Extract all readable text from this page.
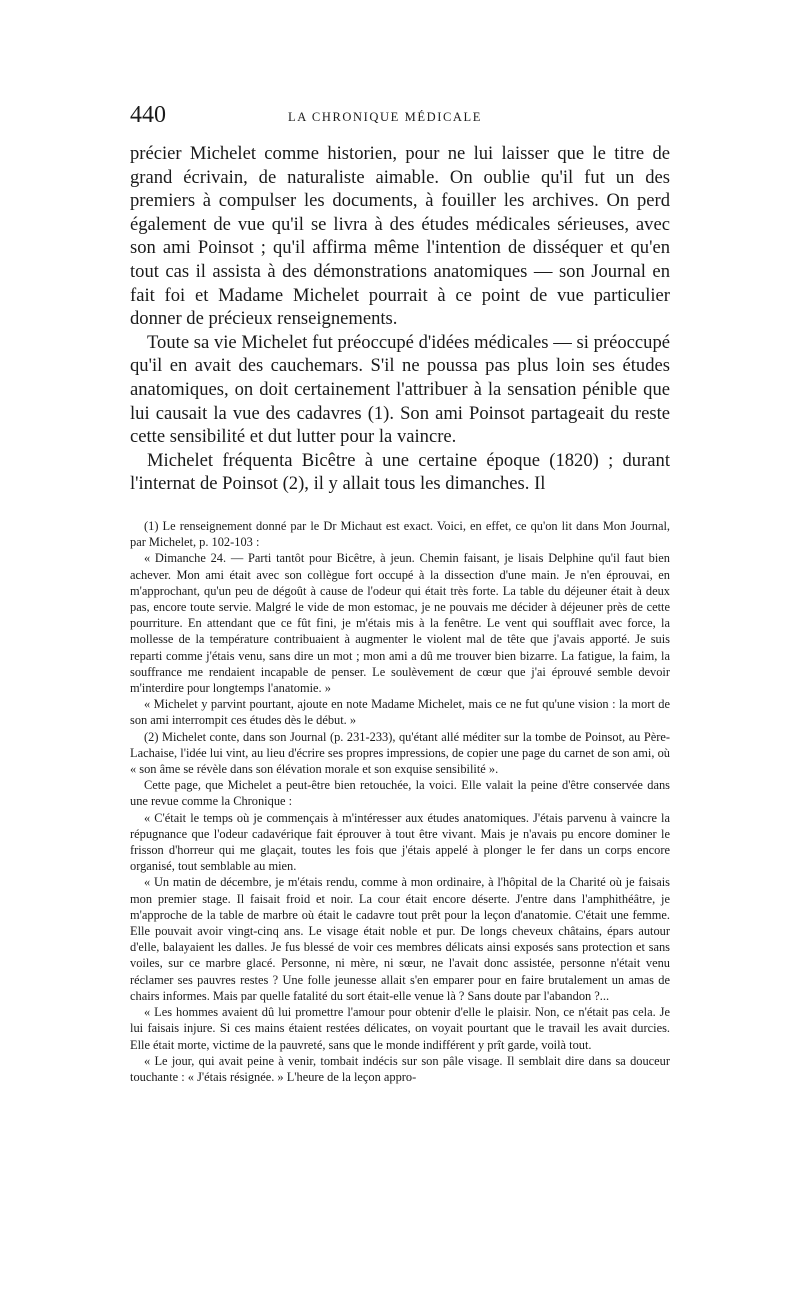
440	LA CHRONIQUE MÉDICALE

précier Michelet comme historien, pour ne lui laisser que le titre de grand écrivain, de naturaliste aimable. On oublie qu'il fut un des premiers à compulser les documents, à fouiller les archives. On perd également de vue qu'il se livra à des études médicales sérieuses, avec son ami Poinsot ; qu'il affirma même l'intention de disséquer et qu'en tout cas il assista à des démonstrations anatomiques — son Journal en fait foi et Madame Michelet pourrait à ce point de vue particulier donner de précieux renseignements.

Toute sa vie Michelet fut préoccupé d'idées médicales — si préoccupé qu'il en avait des cauchemars. S'il ne poussa pas plus loin ses études anatomiques, on doit certainement l'attribuer à la sensation pénible que lui causait la vue des cadavres (1). Son ami Poinsot partageait du reste cette sensibilité et dut lutter pour la vaincre.

Michelet fréquenta Bicêtre à une certaine époque (1820) ; durant l'internat de Poinsot (2), il y allait tous les dimanches. Il

(1) Le renseignement donné par le Dr Michaut est exact. Voici, en effet, ce qu'on lit dans Mon Journal, par Michelet, p. 102-103 :

« Dimanche 24. — Parti tantôt pour Bicêtre, à jeun. Chemin faisant, je lisais Delphine qu'il faut bien achever. Mon ami était avec son collègue fort occupé à la dissection d'une main. Je n'en éprouvai, en m'approchant, qu'un peu de dégoût à cause de l'odeur qui était très forte. La table du déjeuner était à deux pas, encore toute servie. Malgré le vide de mon estomac, je ne pouvais me décider à déjeuner près de cette pourriture. En attendant que ce fût fini, je m'étais mis à la fenêtre. Le vent qui soufflait avec force, la mollesse de la température contribuaient à augmenter le violent mal de tête que j'avais apporté. Je suis reparti comme j'étais venu, sans dire un mot ; mon ami a dû me trouver bien bizarre. La fatigue, la faim, la souffrance me rendaient incapable de penser. Le soulèvement de cœur que j'ai éprouvé semble devoir m'interdire pour longtemps l'anatomie. »

« Michelet y parvint pourtant, ajoute en note Madame Michelet, mais ce ne fut qu'une vision : la mort de son ami interrompit ces études dès le début. »

(2) Michelet conte, dans son Journal (p. 231-233), qu'étant allé méditer sur la tombe de Poinsot, au Père-Lachaise, l'idée lui vint, au lieu d'écrire ses propres impressions, de copier une page du carnet de son ami, où « son âme se révèle dans son élévation morale et son exquise sensibilité ».

Cette page, que Michelet a peut-être bien retouchée, la voici. Elle valait la peine d'être conservée dans une revue comme la Chronique :

« C'était le temps où je commençais à m'intéresser aux études anatomiques. J'étais parvenu à vaincre la répugnance que l'odeur cadavérique fait éprouver à tout être vivant. Mais je n'avais pu encore dominer le frisson d'horreur qui me glaçait, toutes les fois que j'étais appelé à plonger le fer dans un corps encore organisé, tout semblable au mien.

« Un matin de décembre, je m'étais rendu, comme à mon ordinaire, à l'hôpital de la Charité où je faisais mon premier stage. Il faisait froid et noir. La cour était encore déserte. J'entre dans l'amphithéâtre, je m'approche de la table de marbre où était le cadavre tout prêt pour la leçon d'anatomie. C'était une femme. Elle pouvait avoir vingt-cinq ans. Le visage était noble et pur. De longs cheveux châtains, épars autour d'elle, balayaient les dalles. Je fus blessé de voir ces membres délicats ainsi exposés sans protection et sans voiles, sur ce marbre glacé. Personne, ni mère, ni sœur, ne l'avait donc assistée, personne n'était venu réclamer ses pauvres restes ? Une folle jeunesse allait s'en emparer pour en faire brutalement un amas de chairs informes. Mais par quelle fatalité du sort était-elle venue là ? Sans doute par l'abandon ?...

« Les hommes avaient dû lui promettre l'amour pour obtenir d'elle le plaisir. Non, ce n'était pas cela. Je lui faisais injure. Si ces mains étaient restées délicates, on voyait pourtant que le travail les avait durcies. Elle était morte, victime de la pauvreté, sans que le monde indifférent y prît garde, voilà tout.

« Le jour, qui avait peine à venir, tombait indécis sur son pâle visage. Il semblait dire dans sa douceur touchante : « J'étais résignée. » L'heure de la leçon appro-
